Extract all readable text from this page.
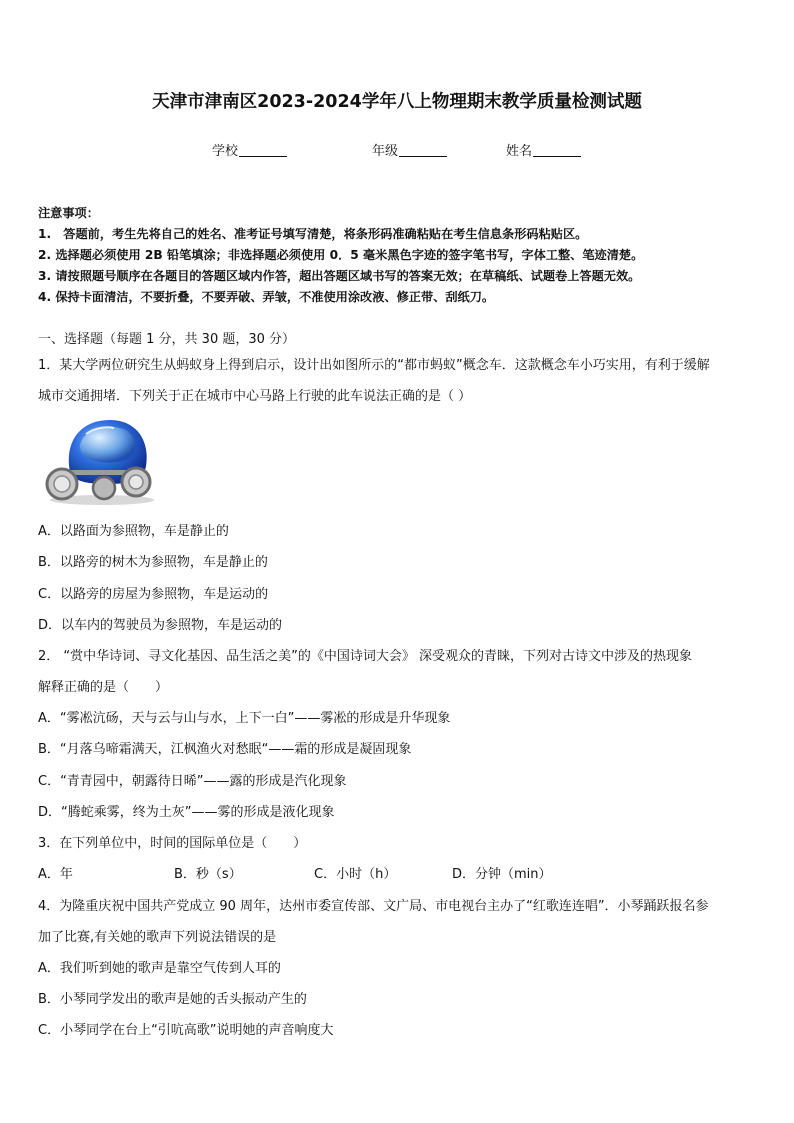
天津市津南区2023-2024学年八上物理期末教学质量检测试题
学校	年级	姓名
注意事项：
1.　答题前，考生先将自己的姓名、准考证号填写清楚，将条形码准确粘贴在考生信息条形码粘贴区。
2. 选择题必须使用 2B 铅笔填涂；非选择题必须使用 0．5 毫米黑色字迹的签字笔书写，字体工整、笔迹清楚。
3. 请按照题号顺序在各题目的答题区域内作答，超出答题区域书写的答案无效；在草稿纸、试题卷上答题无效。
4. 保持卡面清洁，不要折叠，不要弄破、弄皱，不准使用涂改液、修正带、刮纸刀。
一、选择题（每题 1 分，共 30 题，30 分）
1．某大学两位研究生从蚂蚁身上得到启示，设计出如图所示的“都市蚂蚁”概念车．这款概念车小巧实用，有利于缓解
城市交通拥堵．下列关于正在城市中心马路上行驶的此车说法正确的是（ ）
A．以路面为参照物，车是静止的
B．以路旁的树木为参照物，车是静止的
C．以路旁的房屋为参照物，车是运动的
D．以车内的驾驶员为参照物，车是运动的
2． “赏中华诗词、寻文化基因、品生活之美”的《中国诗词大会》 深受观众的青睐，下列对古诗文中涉及的热现象
解释正确的是（　　）
A．“雾凇沆砀，天与云与山与水，上下一白”——雾凇的形成是升华现象
B．“月落乌啼霜满天，江枫渔火对愁眠“——霜的形成是凝固现象
C．“青青园中，朝露待日晞”——露的形成是汽化现象
D．“腾蛇乘雾，终为土灰”——雾的形成是液化现象
3．在下列单位中，时间的国际单位是（　　）
A．年	B．秒（s）	C．小时（h）	D．分钟（min）
4．为隆重庆祝中国共产党成立 90 周年，达州市委宣传部、文广局、市电视台主办了“红歌连连唱”．小琴踊跃报名参
加了比赛,有关她的歌声下列说法错误的是
A．我们听到她的歌声是靠空气传到人耳的
B．小琴同学发出的歌声是她的舌头振动产生的
C．小琴同学在台上“引吭高歌”说明她的声音响度大
